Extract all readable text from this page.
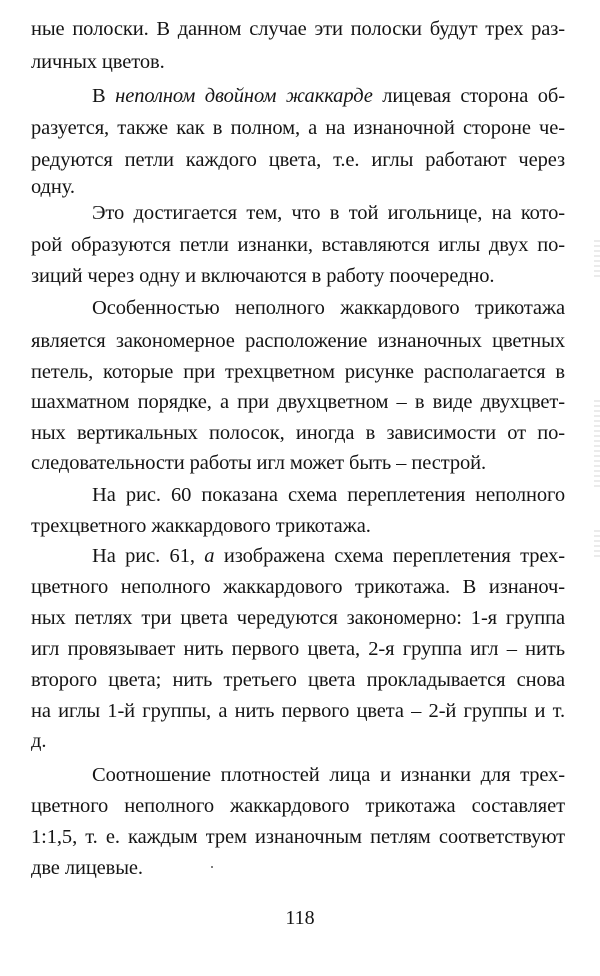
ные полоски. В данном случае эти полоски будут трех раз-
личных цветов.
В неполном двойном жаккарде лицевая сторона об-
разуется, также как в полном, а на изнаночной стороне че-
редуются петли каждого цвета, т.е. иглы работают через
одну.
Это достигается тем, что в той игольнице, на кото-
рой образуются петли изнанки, вставляются иглы двух по-
зиций через одну и включаются в работу поочередно.
Особенностью неполного жаккардового трикотажа
является закономерное расположение изнаночных цветных
петель, которые при трехцветном рисунке располагается в
шахматном порядке, а при двухцветном – в виде двухцвет-
ных вертикальных полосок, иногда в зависимости от по-
следовательности работы игл может быть – пестрой.
На рис. 60 показана схема переплетения неполного
трехцветного жаккардового трикотажа.
На рис. 61, а изображена схема переплетения трех-
цветного неполного жаккардового трикотажа. В изнаноч-
ных петлях три цвета чередуются закономерно: 1-я группа
игл провязывает нить первого цвета, 2-я группа игл – нить
второго цвета; нить третьего цвета прокладывается снова
на иглы 1-й группы, а нить первого цвета – 2-й группы и т.
д.
Соотношение плотностей лица и изнанки для трех-
цветного неполного жаккардового трикотажа составляет
1:1,5, т. е. каждым трем изнаночным петлям соответствуют
две лицевые.
118
